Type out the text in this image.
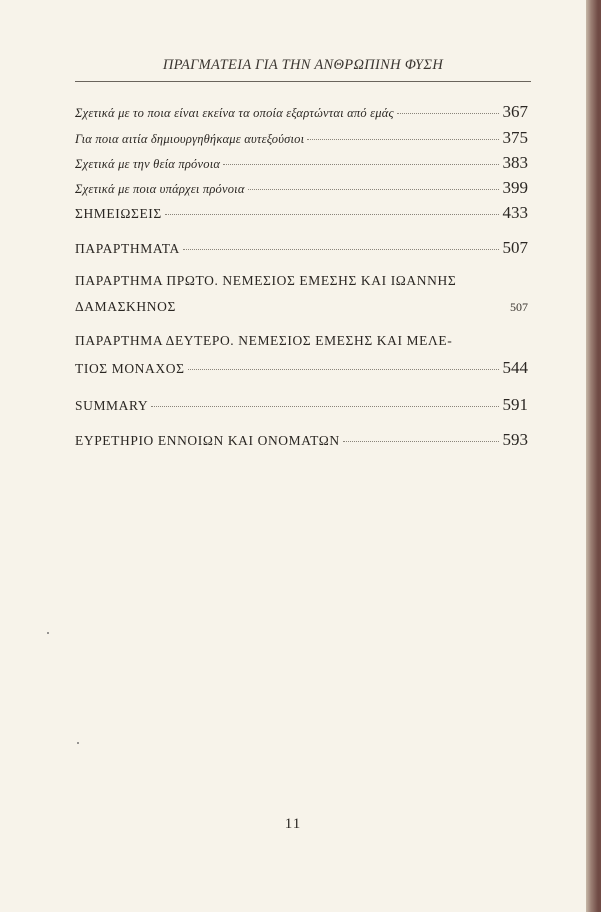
ΠΡΑΓΜΑΤΕΙΑ ΓΙΑ ΤΗΝ ΑΝΘΡΩΠΙΝΗ ΦΥΣΗ
Σχετικά με το ποια είναι εκείνα τα οποία εξαρτώνται από εμάς	367
Για ποια αιτία δημιουργηθήκαμε αυτεξούσιοι	375
Σχετικά με την θεία πρόνοια	383
Σχετικά με ποια υπάρχει πρόνοια	399
ΣΗΜΕΙΩΣΕΙΣ	433
ΠΑΡΑΡΤΗΜΑΤΑ	507
ΠΑΡΑΡΤΗΜΑ ΠΡΩΤΟ. ΝΕΜΕΣΙΟΣ ΕΜΕΣΗΣ ΚΑΙ ΙΩΑΝΝΗΣ
ΔΑΜΑΣΚΗΝΟΣ	507
ΠΑΡΑΡΤΗΜΑ ΔΕΥΤΕΡΟ. ΝΕΜΕΣΙΟΣ ΕΜΕΣΗΣ ΚΑΙ ΜΕΛΕ-
ΤΙΟΣ ΜΟΝΑΧΟΣ	544
SUMMARY	591
ΕΥΡΕΤΗΡΙΟ ΕΝΝΟΙΩΝ ΚΑΙ ΟΝΟΜΑΤΩΝ	593
11
